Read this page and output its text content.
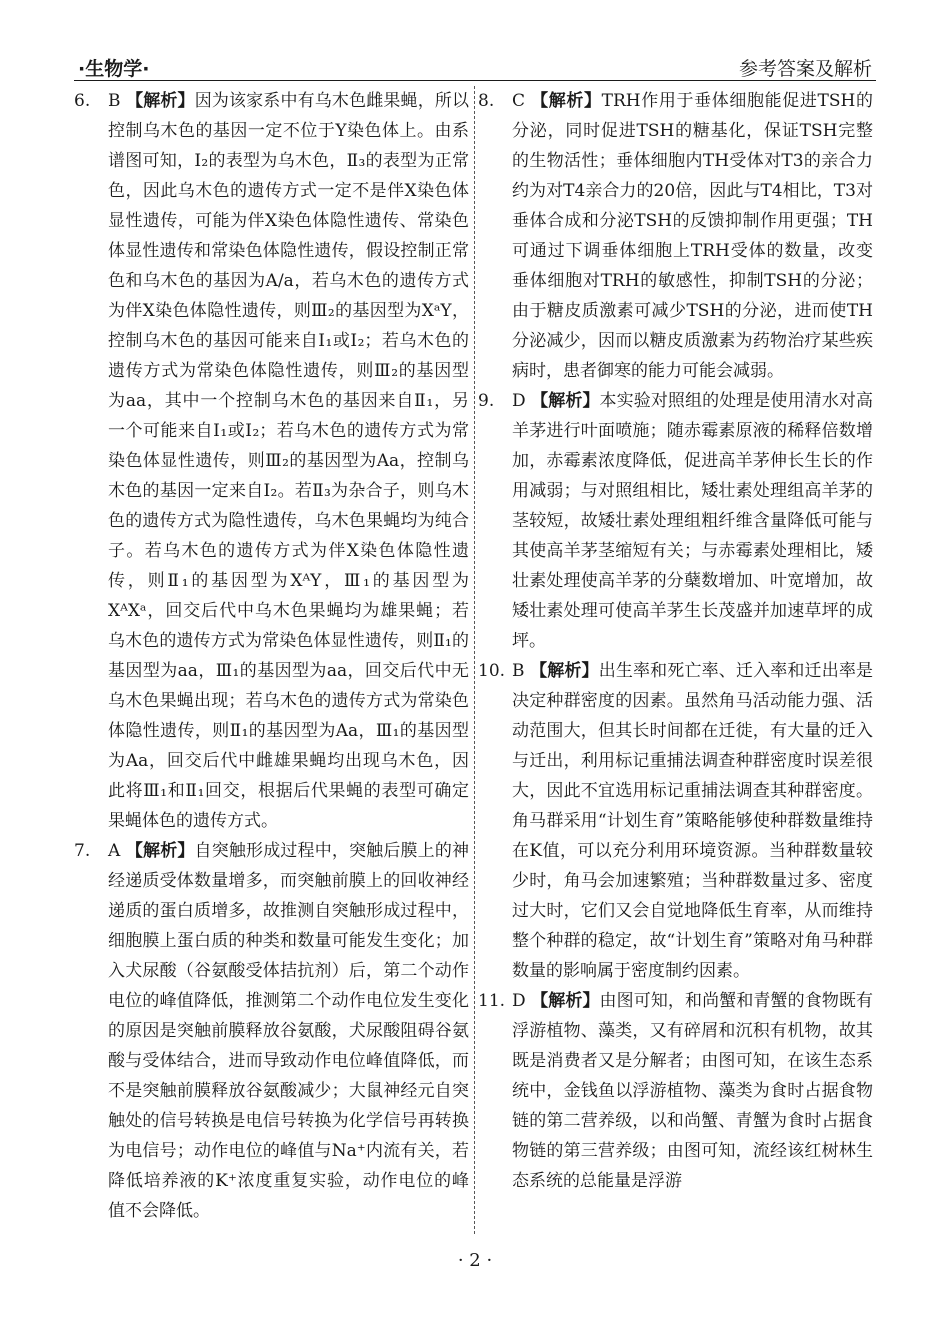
·生物学·	参考答案及解析
6. B 【解析】因为该家系中有乌木色雌果蝇，所以控制乌木色的基因一定不位于Y染色体上。由系谱图可知，Ⅰ₂的表型为乌木色，Ⅱ₃的表型为正常色，因此乌木色的遗传方式一定不是伴X染色体显性遗传，可能为伴X染色体隐性遗传、常染色体显性遗传和常染色体隐性遗传，假设控制正常色和乌木色的基因为A/a，若乌木色的遗传方式为伴X染色体隐性遗传，则Ⅲ₂的基因型为XᵃY，控制乌木色的基因可能来自Ⅰ₁或Ⅰ₂；若乌木色的遗传方式为常染色体隐性遗传，则Ⅲ₂的基因型为aa，其中一个控制乌木色的基因来自Ⅱ₁，另一个可能来自Ⅰ₁或Ⅰ₂；若乌木色的遗传方式为常染色体显性遗传，则Ⅲ₂的基因型为Aa，控制乌木色的基因一定来自Ⅰ₂。若Ⅱ₃为杂合子，则乌木色的遗传方式为隐性遗传，乌木色果蝇均为纯合子。若乌木色的遗传方式为伴X染色体隐性遗传，则Ⅱ₁的基因型为XᴬY，Ⅲ₁的基因型为XᴬXᵃ，回交后代中乌木色果蝇均为雄果蝇；若乌木色的遗传方式为常染色体显性遗传，则Ⅱ₁的基因型为aa，Ⅲ₁的基因型为aa，回交后代中无乌木色果蝇出现；若乌木色的遗传方式为常染色体隐性遗传，则Ⅱ₁的基因型为Aa，Ⅲ₁的基因型为Aa，回交后代中雌雄果蝇均出现乌木色，因此将Ⅲ₁和Ⅱ₁回交，根据后代果蝇的表型可确定果蝇体色的遗传方式。
7. A 【解析】自突触形成过程中，突触后膜上的神经递质受体数量增多，而突触前膜上的回收神经递质的蛋白质增多，故推测自突触形成过程中，细胞膜上蛋白质的种类和数量可能发生变化；加入犬尿酸（谷氨酸受体拮抗剂）后，第二个动作电位的峰值降低，推测第二个动作电位发生变化的原因是突触前膜释放谷氨酸，犬尿酸阻碍谷氨酸与受体结合，进而导致动作电位峰值降低，而不是突触前膜释放谷氨酸减少；大鼠神经元自突触处的信号转换是电信号转换为化学信号再转换为电信号；动作电位的峰值与Na⁺内流有关，若降低培养液的K⁺浓度重复实验，动作电位的峰值不会降低。
8. C 【解析】TRH作用于垂体细胞能促进TSH的分泌，同时促进TSH的糖基化，保证TSH完整的生物活性；垂体细胞内TH受体对T3的亲合力约为对T4亲合力的20倍，因此与T4相比，T3对垂体合成和分泌TSH的反馈抑制作用更强；TH可通过下调垂体细胞上TRH受体的数量，改变垂体细胞对TRH的敏感性，抑制TSH的分泌；由于糖皮质激素可减少TSH的分泌，进而使TH分泌减少，因而以糖皮质激素为药物治疗某些疾病时，患者御寒的能力可能会减弱。
9. D 【解析】本实验对照组的处理是使用清水对高羊茅进行叶面喷施；随赤霉素原液的稀释倍数增加，赤霉素浓度降低，促进高羊茅伸长生长的作用减弱；与对照组相比，矮壮素处理组高羊茅的茎较短，故矮壮素处理组粗纤维含量降低可能与其使高羊茅茎缩短有关；与赤霉素处理相比，矮壮素处理使高羊茅的分蘖数增加、叶宽增加，故矮壮素处理可使高羊茅生长茂盛并加速草坪的成坪。
10. B 【解析】出生率和死亡率、迁入率和迁出率是决定种群密度的因素。虽然角马活动能力强、活动范围大，但其长时间都在迁徙，有大量的迁入与迁出，利用标记重捕法调查种群密度时误差很大，因此不宜选用标记重捕法调查其种群密度。角马群采用“计划生育”策略能够使种群数量维持在K值，可以充分利用环境资源。当种群数量较少时，角马会加速繁殖；当种群数量过多、密度过大时，它们又会自觉地降低生育率，从而维持整个种群的稳定，故“计划生育”策略对角马种群数量的影响属于密度制约因素。
11. D 【解析】由图可知，和尚蟹和青蟹的食物既有浮游植物、藻类，又有碎屑和沉积有机物，故其既是消费者又是分解者；由图可知，在该生态系统中，金钱鱼以浮游植物、藻类为食时占据食物链的第二营养级，以和尚蟹、青蟹为食时占据食物链的第三营养级；由图可知，流经该红树林生态系统的总能量是浮游
· 2 ·
